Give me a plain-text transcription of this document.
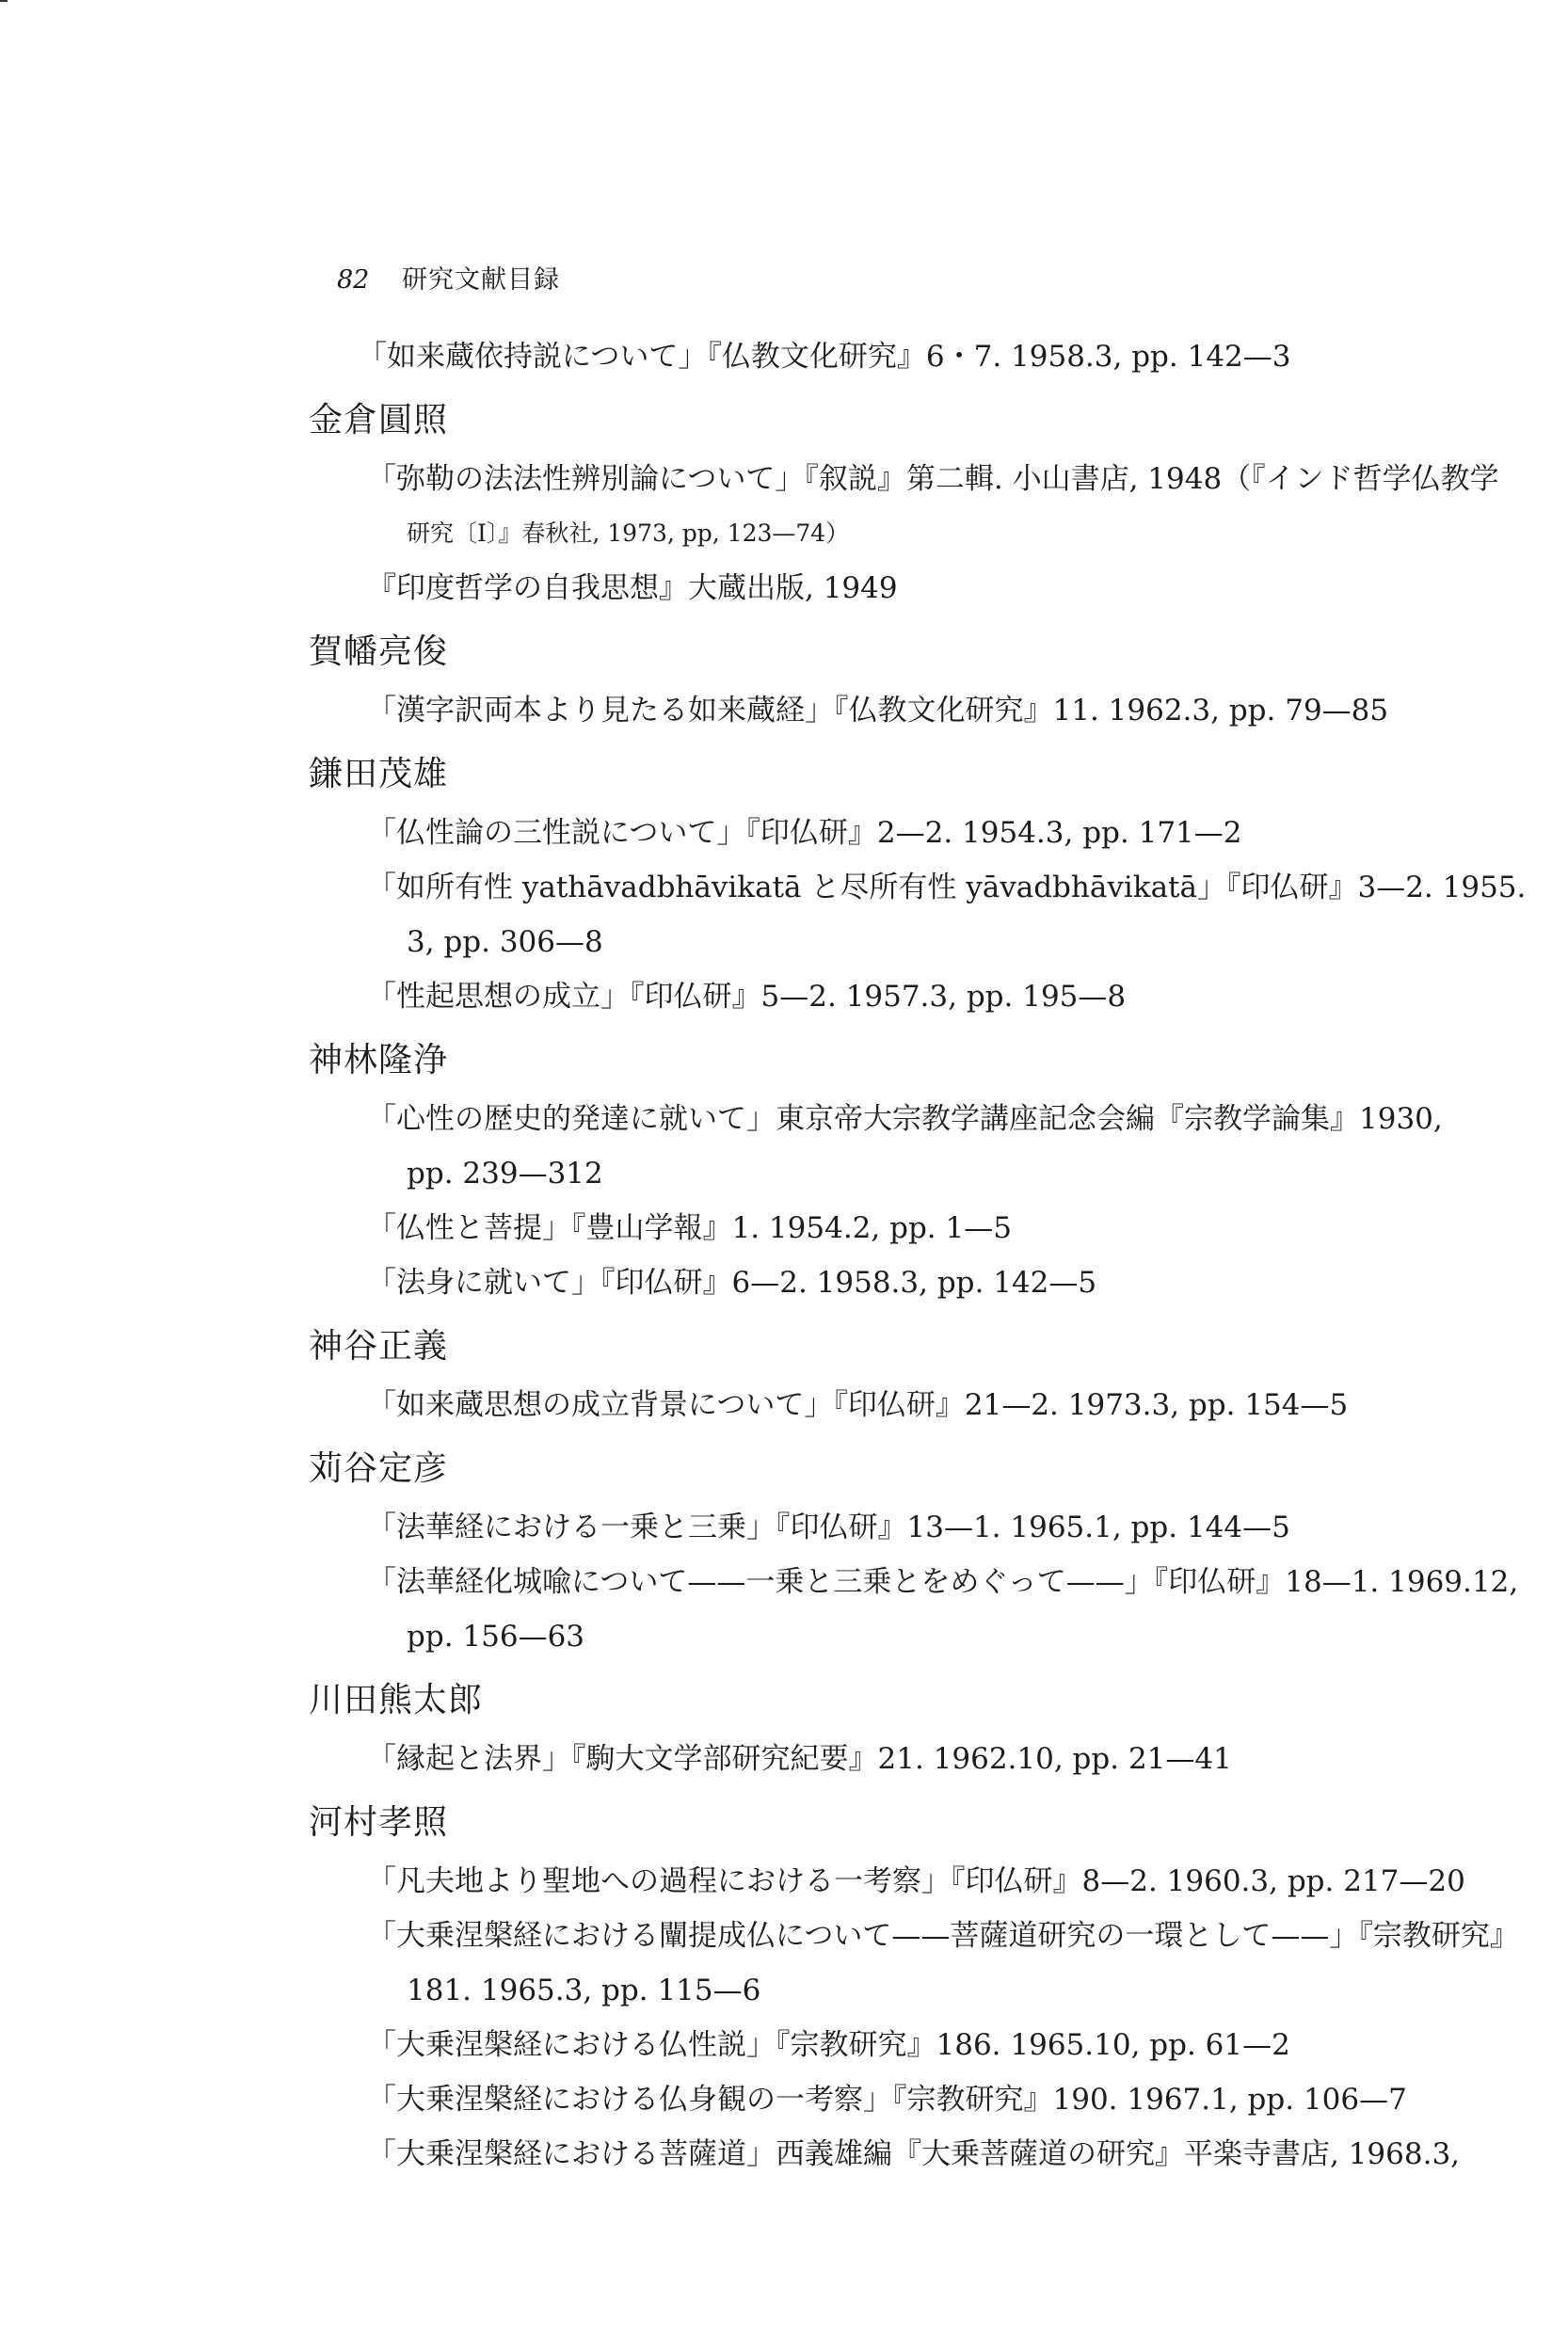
82 研究文献目録
「如来蔵依持説について」『仏教文化研究』6・7. 1958.3, pp. 142—3
金倉圓照
「弥勒の法法性辨別論について」『叙説』第二輯. 小山書店, 1948（『インド哲学仏教学
研究〔Ⅰ〕』春秋社, 1973, pp, 123—74）
『印度哲学の自我思想』大蔵出版, 1949
賀幡亮俊
「漢字訳両本より見たる如来蔵経」『仏教文化研究』11. 1962.3, pp. 79—85
鎌田茂雄
「仏性論の三性説について」『印仏研』2—2. 1954.3, pp. 171—2
「如所有性 yathāvadbhāvikatā と尽所有性 yāvadbhāvikatā」『印仏研』3—2. 1955.
3, pp. 306—8
「性起思想の成立」『印仏研』5—2. 1957.3, pp. 195—8
神林隆浄
「心性の歴史的発達に就いて」東京帝大宗教学講座記念会編『宗教学論集』1930,
pp. 239—312
「仏性と菩提」『豊山学報』1. 1954.2, pp. 1—5
「法身に就いて」『印仏研』6—2. 1958.3, pp. 142—5
神谷正義
「如来蔵思想の成立背景について」『印仏研』21—2. 1973.3, pp. 154—5
苅谷定彦
「法華経における一乗と三乗」『印仏研』13—1. 1965.1, pp. 144—5
「法華経化城喩について——一乗と三乗とをめぐって——」『印仏研』18—1. 1969.12,
pp. 156—63
川田熊太郎
「縁起と法界」『駒大文学部研究紀要』21. 1962.10, pp. 21—41
河村孝照
「凡夫地より聖地への過程における一考察」『印仏研』8—2. 1960.3, pp. 217—20
「大乗涅槃経における闡提成仏について——菩薩道研究の一環として——」『宗教研究』
181. 1965.3, pp. 115—6
「大乗涅槃経における仏性説」『宗教研究』186. 1965.10, pp. 61—2
「大乗涅槃経における仏身観の一考察」『宗教研究』190. 1967.1, pp. 106—7
「大乗涅槃経における菩薩道」西義雄編『大乗菩薩道の研究』平楽寺書店, 1968.3,
